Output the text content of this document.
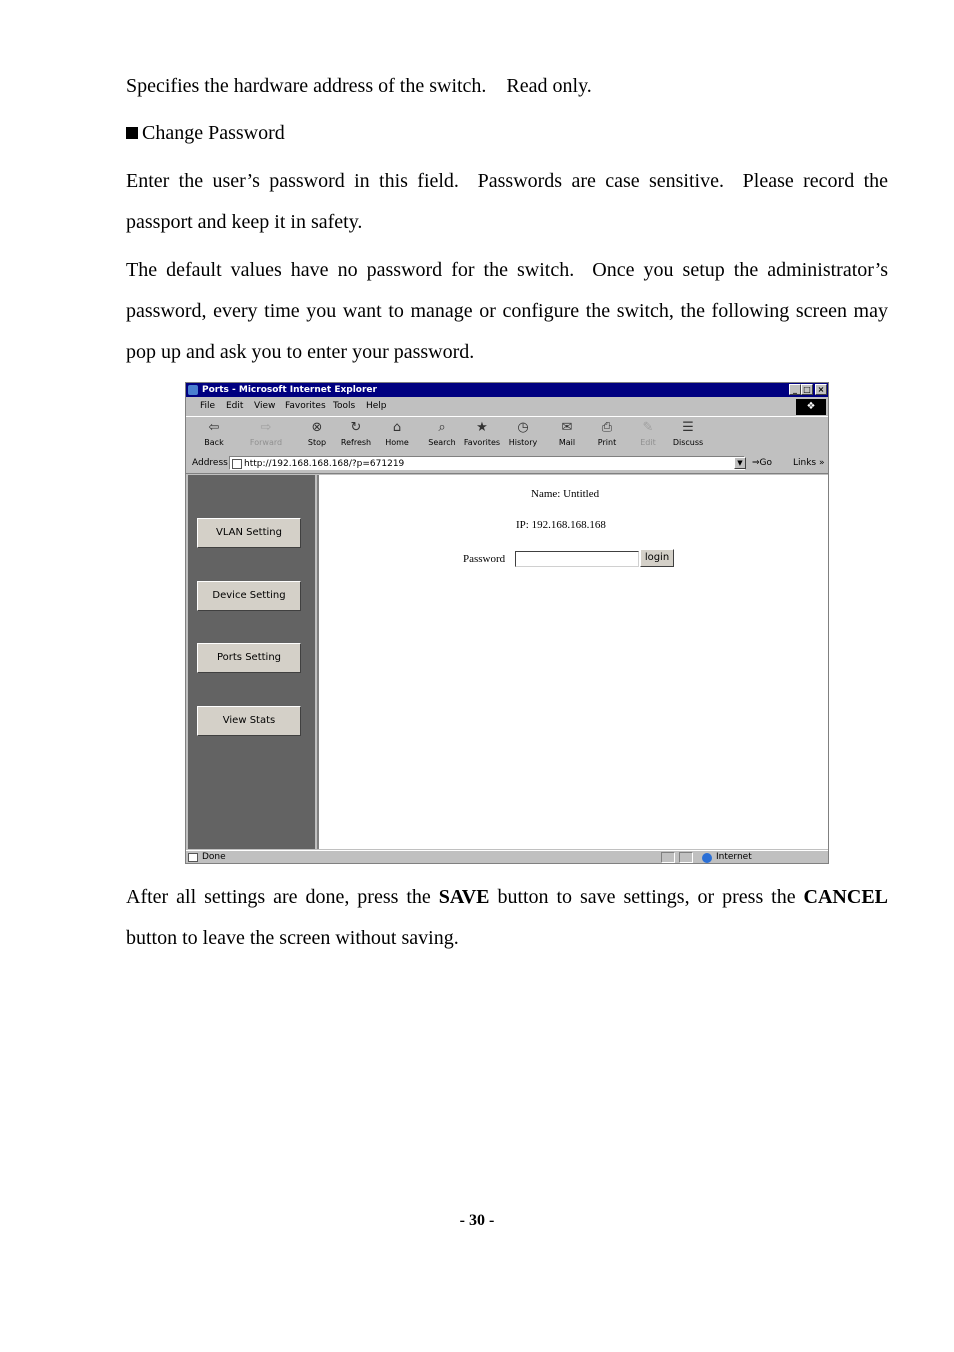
Specifies the hardware address of the switch.    Read only.

Change Password

Enter the user’s password in this field.  Passwords are case sensitive.  Please record the passport and keep it in safety.

The default values have no password for the switch.  Once you setup the administrator’s password, every time you want to manage or configure the switch, the following screen may pop up and ask you to enter your password.

Ports - Microsoft Internet Explorer	_ □ ×
File Edit View Favorites Tools Help	❖
⇦
Back
⇨
Forward
⊗
Stop
↻
Refresh
⌂
Home
⌕
Search
★
Favorites
◷
History
✉
Mail
⎙
Print
✎
Edit
☰
Discuss
Address	http://192.168.168.168/?p=671219	▼	⇒Go Links »
VLAN Setting
Device Setting
Ports Setting
View Stats
Name: Untitled
IP: 192.168.168.168
Password	login
Done	Internet

After all settings are done, press the SAVE button to save settings, or press the CANCEL button to leave the screen without saving.

- 30 -
